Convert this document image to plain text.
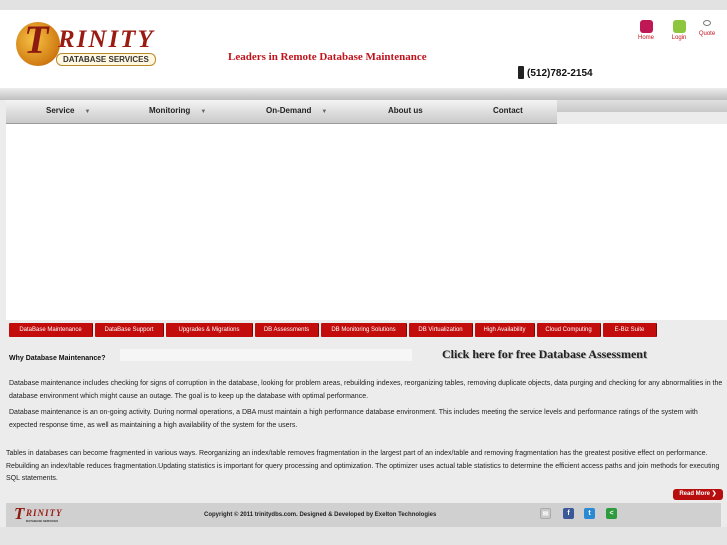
T RINITY
DATABASE SERVICES	Leaders in Remote Database Maintenance
(512)782-2154
Home	Login
Quote
Service ▼	Monitoring ▼	On-Demand ▼	About us	Contact
DataBase Maintenance	DataBase Support	Upgrades & Migrations	DB Assessments	DB Monitoring Solutions	DB Virtualization	High Availability	Cloud Computing	E-Biz Suite
Why Database Maintenance?	Click here for free Database Assessment

Database maintenance includes checking for signs of corruption in the database, looking for problem areas, rebuilding indexes, reorganizing tables, removing duplicate objects, data purging and checking for any abnormalities in the database environment which might cause an outage. The goal is to keep up the database with optimal performance.

Database maintenance is an on-going activity. During normal operations, a DBA must maintain a high performance database environment. This includes meeting the service levels and performance ratings of the system with expected response time, as well as maintaining a high availability of the system for the users.

Tables in databases can become fragmented in various ways. Reorganizing an index/table removes fragmentation in the largest part of an index/table and removing fragmentation has the greatest positive effect on performance. Rebuilding an index/table reduces fragmentation.Updating statistics is important for query processing and optimization. The optimizer uses actual table statistics to determine the efficient access paths and join methods for executing SQL statements.

Read More ❯
T RINITY
DATABASE SERVICES
Copyright © 2011 trinitydbs.com. Designed & Developed by Exelton Technologies	✉	f	t	<
